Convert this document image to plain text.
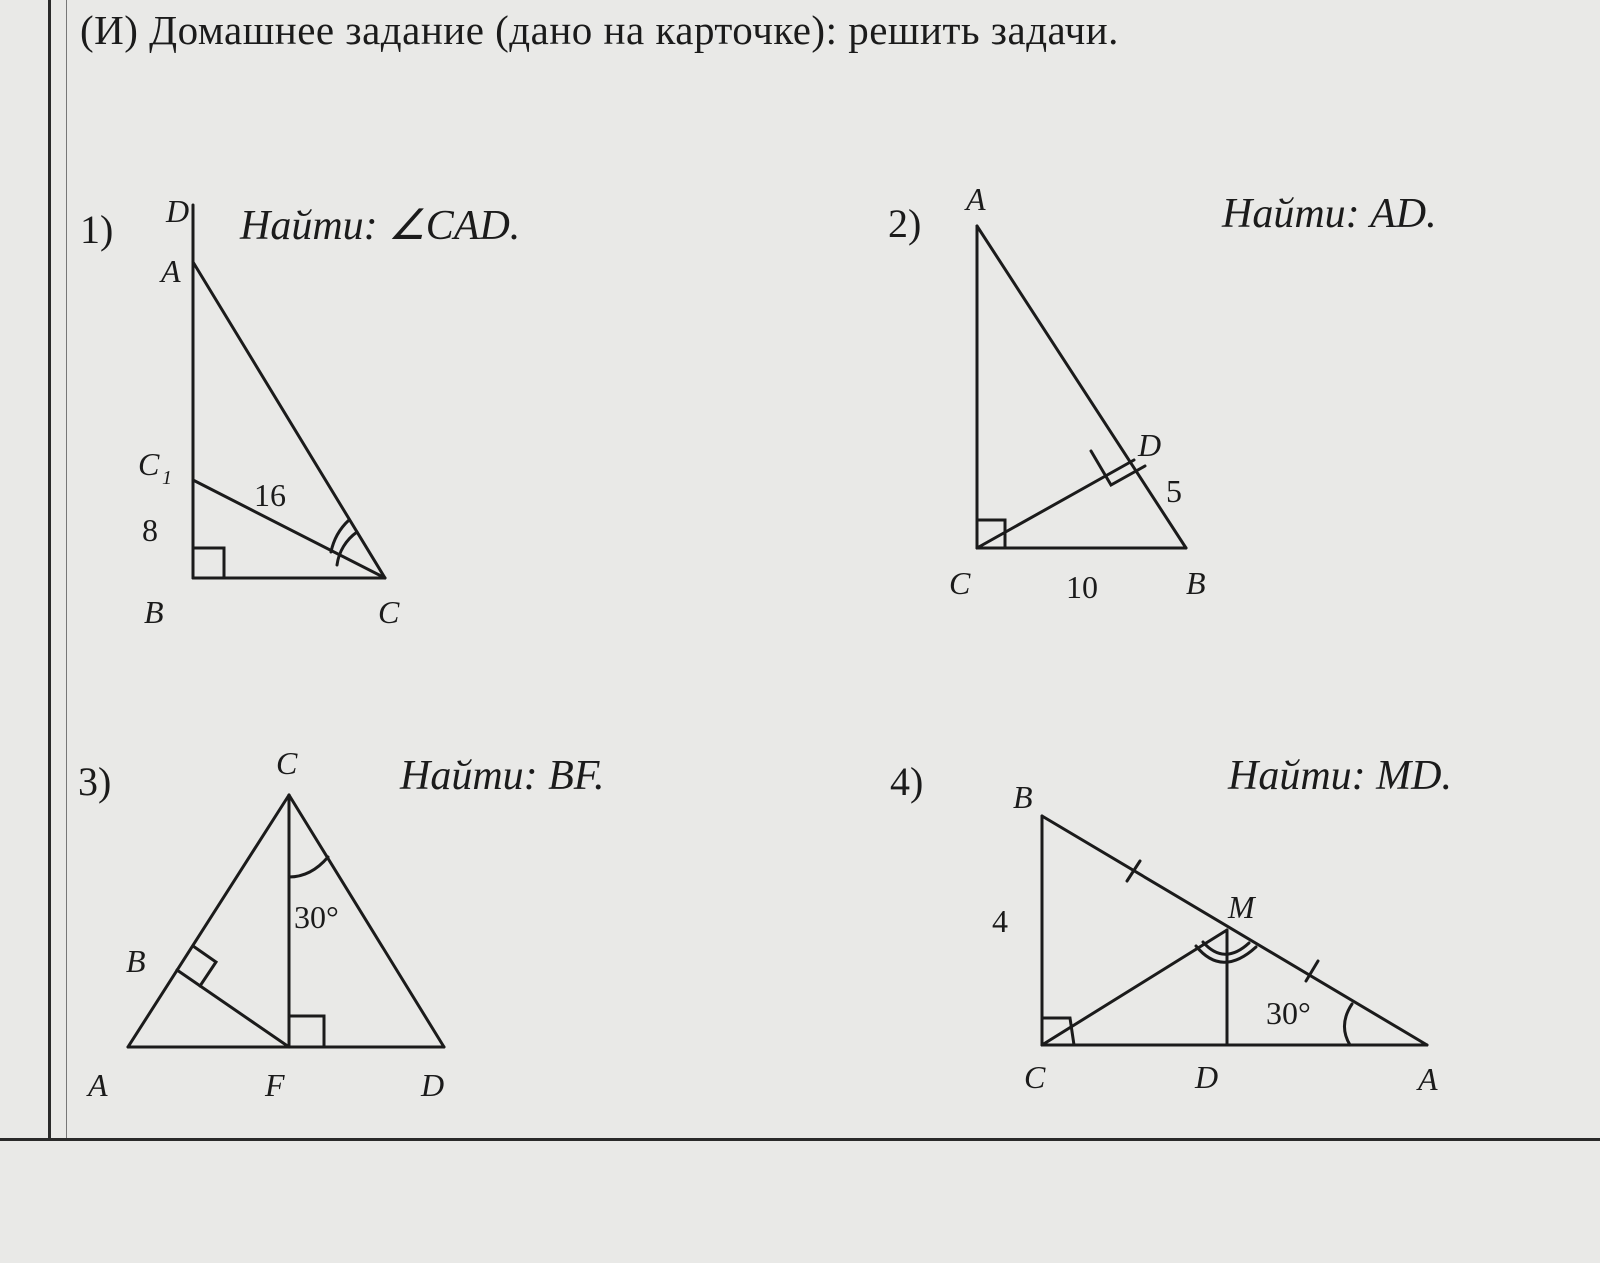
(И) Домашнее задание (дано на карточке): решить задачи.
1)	Найти: ∠CAD.	2)	Найти: AD.
3)	Найти: BF.	4)	Найти: MD.
D
A
C 1
B	C
16
8
A
D
C	B
5
10
C
B
A	F	D
30°
B
M
C	D	A
4
30°
